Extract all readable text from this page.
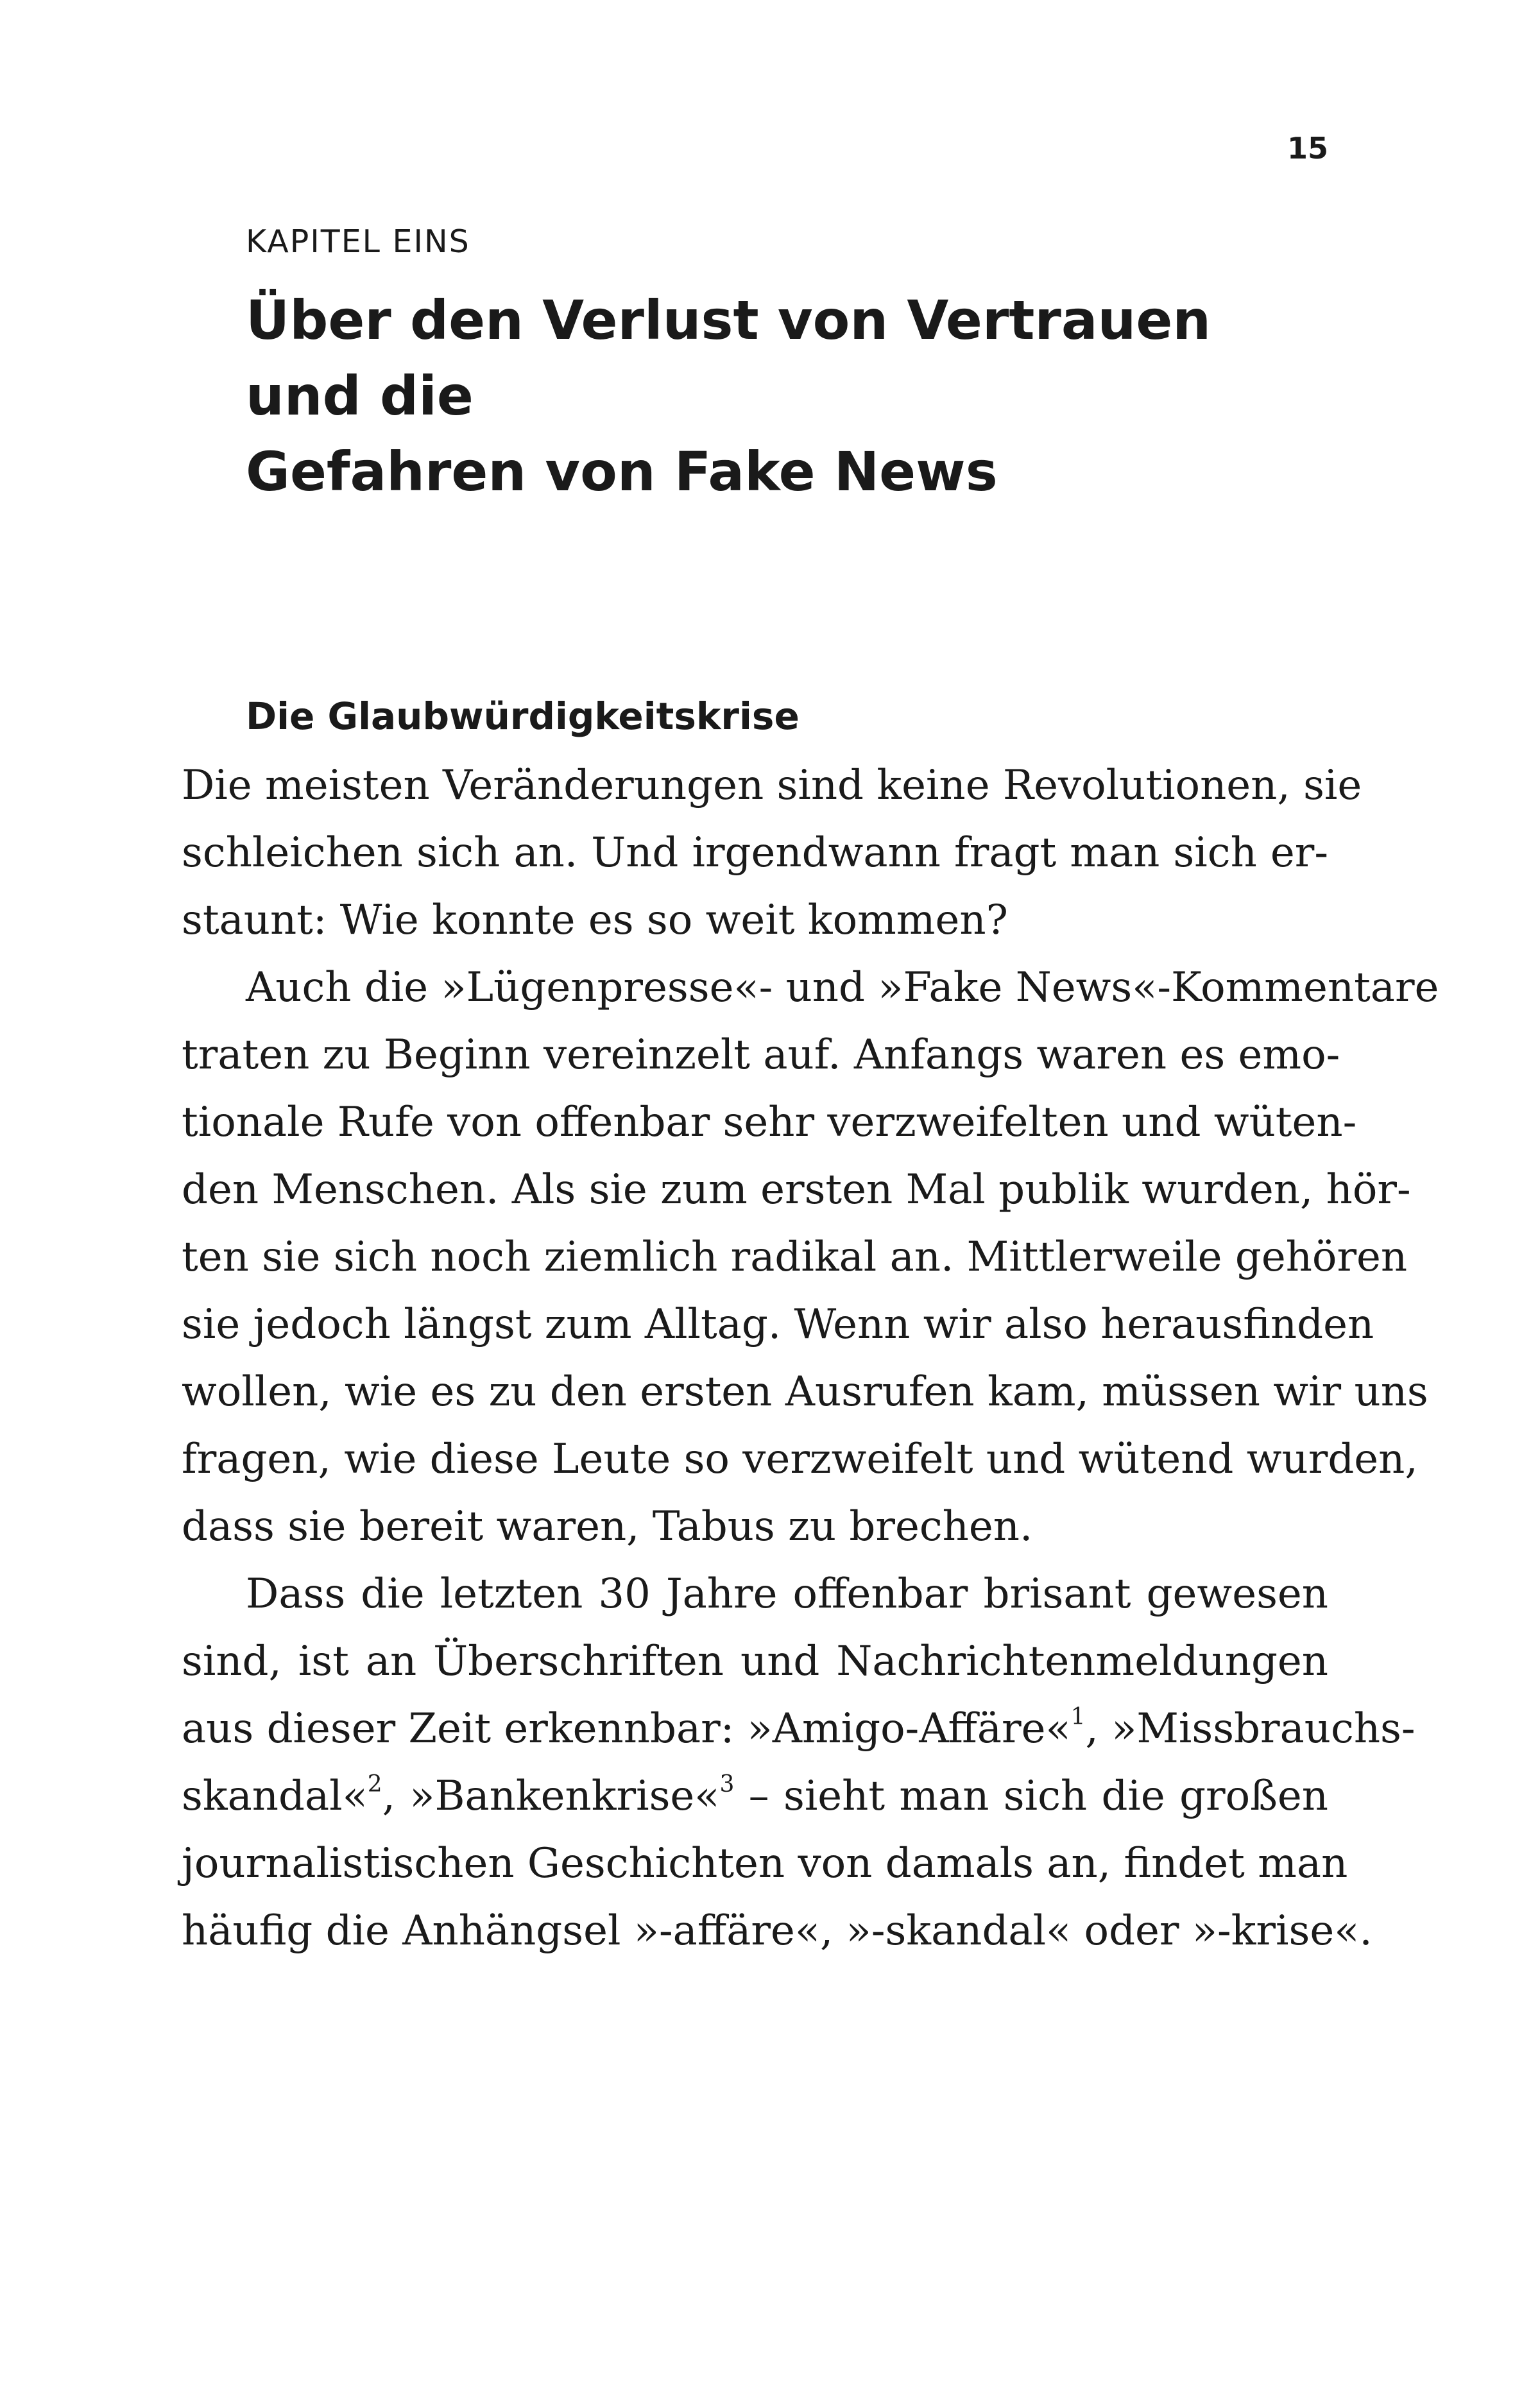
15
KAPITEL EINS
Über den Verlust von Vertrauen und die
Gefahren von Fake News
Die Glaubwürdigkeitskrise

Die meisten Veränderungen sind keine Revolutionen, sie
schleichen sich an. Und irgendwann fragt man sich er-
staunt: Wie konnte es so weit kommen?

Auch die »Lügenpresse«- und »Fake News«-Kommentare
traten zu Beginn vereinzelt auf. Anfangs waren es emo-
tionale Rufe von offenbar sehr verzweifelten und wüten-
den Menschen. Als sie zum ersten Mal publik wurden, hör-
ten sie sich noch ziemlich radikal an. Mittlerweile gehören
sie jedoch längst zum Alltag. Wenn wir also herausfinden
wollen, wie es zu den ersten Ausrufen kam, müssen wir uns
fragen, wie diese Leute so verzweifelt und wütend wurden,
dass sie bereit waren, Tabus zu brechen.

Dass die letzten 30 Jahre offenbar brisant gewesen
sind, ist an Überschriften und Nachrichtenmeldungen
aus dieser Zeit erkennbar: »Amigo-Affäre«$^1$, »Missbrauchs-
skandal«$^2$, »Bankenkrise«$^3$ – sieht man sich die großen
journalistischen Geschichten von damals an, findet man
häufig die Anhängsel »-affäre«, »-skandal« oder »-krise«.
